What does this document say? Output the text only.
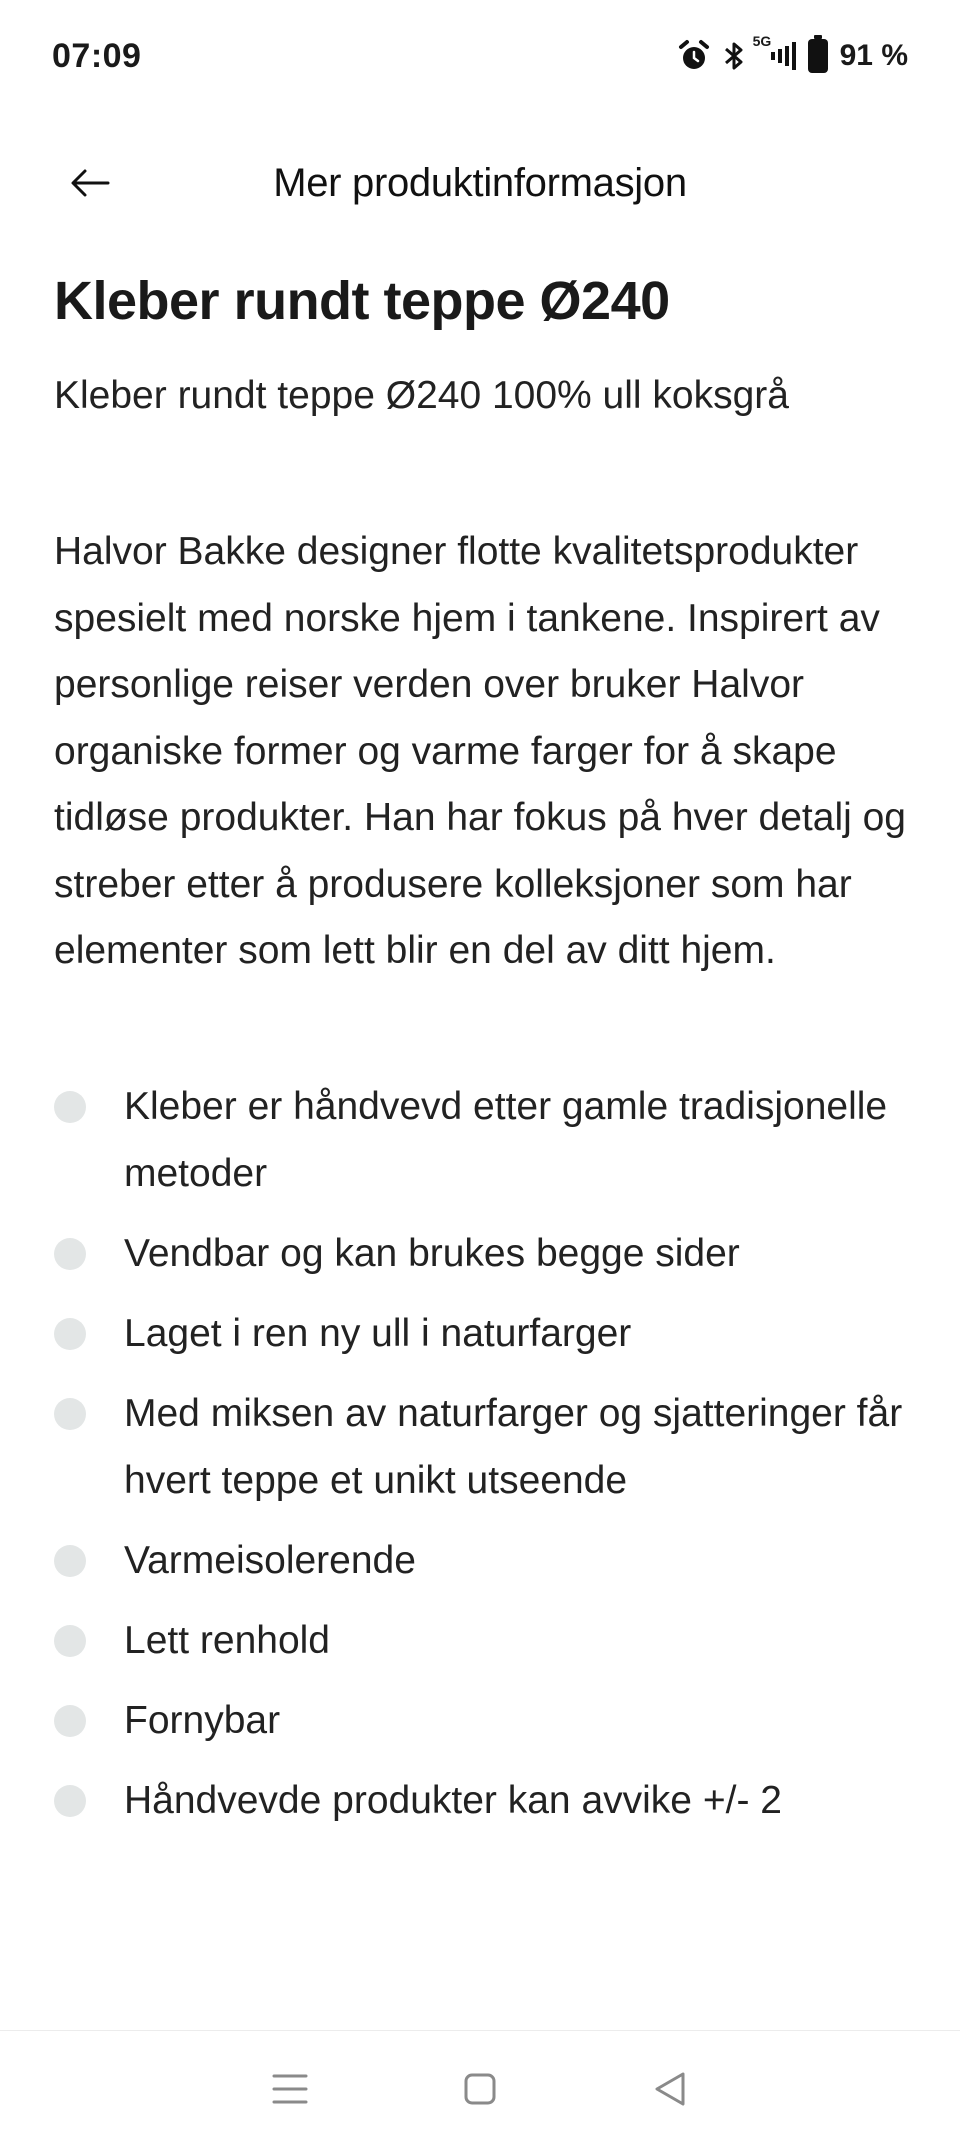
07:09	5G 91 %
Mer produktinformasjon
Kleber rundt teppe Ø240

Kleber rundt teppe Ø240 100% ull koksgrå

Halvor Bakke designer flotte kvalitetsprodukter spesielt med norske hjem i tankene. Inspirert av personlige reiser verden over bruker Halvor organiske former og varme farger for å skape tidløse produkter. Han har fokus på hver detalj og streber etter å produsere kolleksjoner som har elementer som lett blir en del av ditt hjem.

Kleber er håndvevd etter gamle tradisjonelle metoder
Vendbar og kan brukes begge sider
Laget i ren ny ull i naturfarger
Med miksen av naturfarger og sjatteringer får hvert teppe et unikt utseende
Varmeisolerende
Lett renhold
Fornybar
Håndvevde produkter kan avvike +/- 2
